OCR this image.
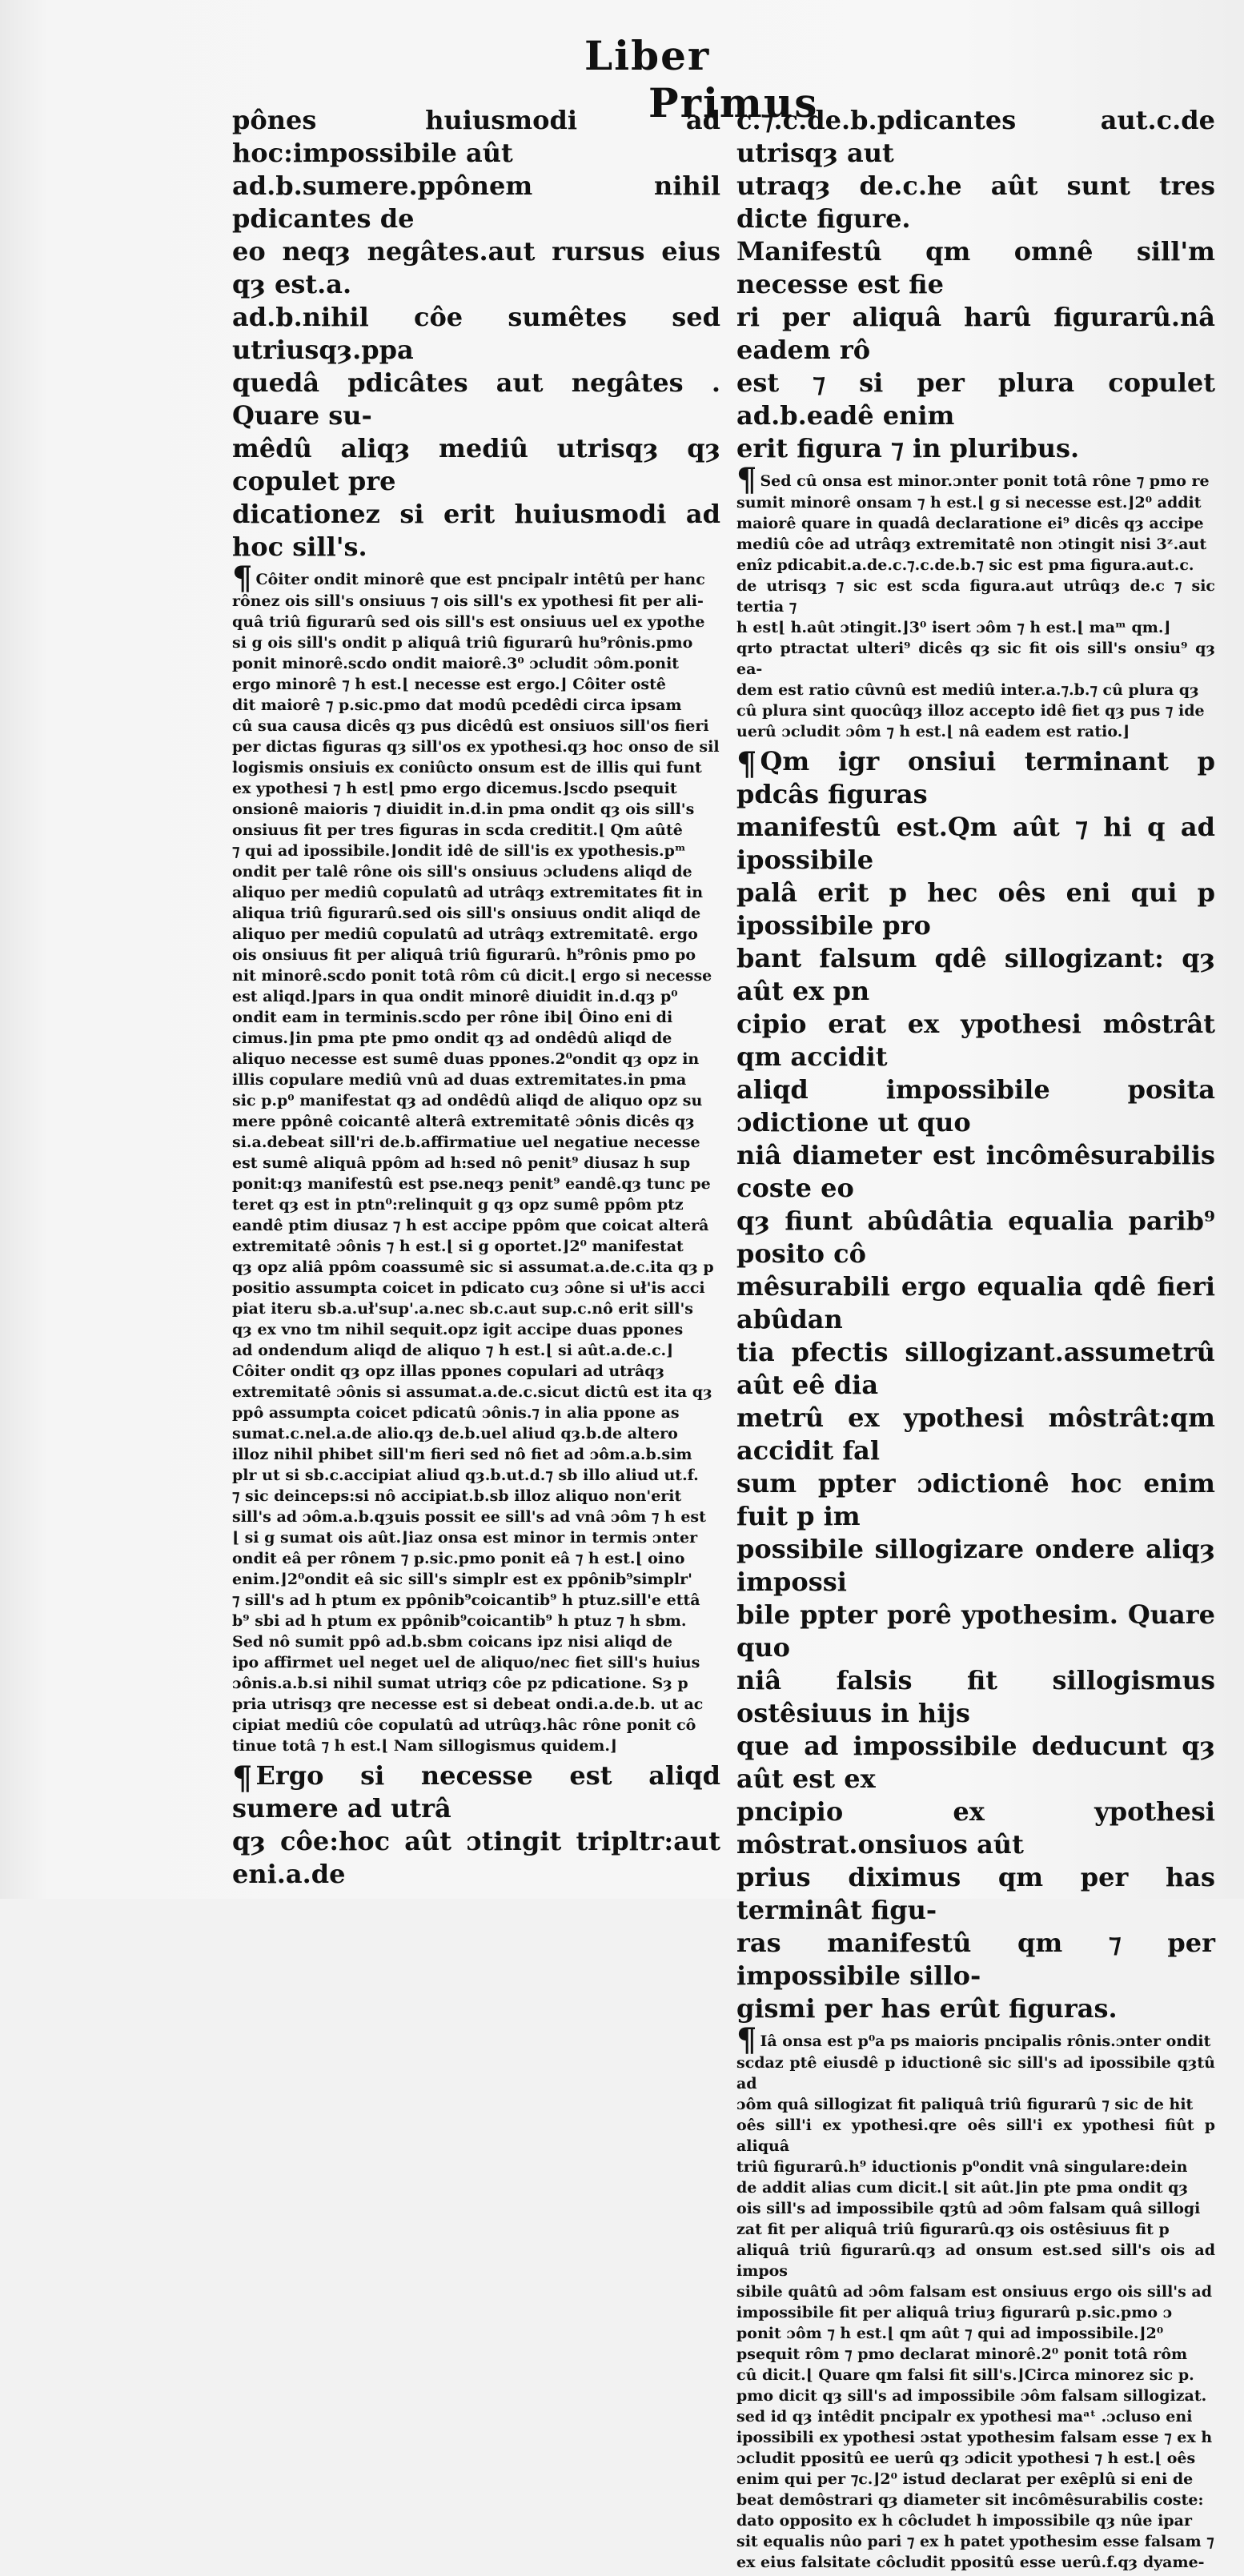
Liber Primus

pônes huiusmodi ad hoc:impossibile aût

ad.b.sumere.ppônem nihil pdicantes de

eo neqȝ negâtes.aut rursus eius qȝ est.a.

ad.b.nihil côe sumêtes sed utriusqȝ.ppa

quedâ pdicâtes aut negâtes . Quare su-

mêdû aliqȝ mediû utrisqȝ qȝ copulet pre

dicationez si erit huiusmodi ad hoc sill's.

¶ Côiter ondit minorê que est pncipalr intêtû per hanc

rônez ois sill's onsiuus ⁊ ois sill's ex ypothesi fit per ali-

quâ triû figurarû sed ois sill's est onsiuus uel ex ypothe

si g ois sill's ondit p aliquâ triû figurarû hu⁹rônis.pmo

ponit minorê.scdo ondit maiorê.3⁰ ɔcludit ɔôm.ponit

ergo minorê ⁊ h est.⌊ necesse est ergo.⌋ Côiter ostê

dit maiorê ⁊ p.sic.pmo dat modû pcedêdi circa ipsam

cû sua causa dicês qȝ pus dicêdû est onsiuos sill'os fieri

per dictas figuras qȝ sill'os ex ypothesi.qȝ hoc onso de sil

logismis onsiuis ex coniûcto onsum est de illis qui funt

ex ypothesi ⁊ h est⌊ pmo ergo dicemus.⌋scdo psequit

onsionê maioris ⁊ diuidit in.d.in pma ondit qȝ ois sill's

onsiuus fit per tres figuras in scda creditit.⌊ Qm aûtê

⁊ qui ad ipossibile.⌋ondit idê de sill'is ex ypothesis.pᵐ

ondit per talê rône ois sill's onsiuus ɔcludens aliqd de

aliquo per mediû copulatû ad utrâqȝ extremitates fit in

aliqua triû figurarû.sed ois sill's onsiuus ondit aliqd de

aliquo per mediû copulatû ad utrâqȝ extremitatê. ergo

ois onsiuus fit per aliquâ triû figurarû. h⁹rônis pmo po

nit minorê.scdo ponit totâ rôm cû dicit.⌊ ergo si necesse

est aliqd.⌋pars in qua ondit minorê diuidit in.d.qȝ p⁰

ondit eam in terminis.scdo per rône ibi⌊ Ôino eni di

cimus.⌋in pma pte pmo ondit qȝ ad ondêdû aliqd de

aliquo necesse est sumê duas ppones.2⁰ondit qȝ opz in

illis copulare mediû vnû ad duas extremitates.in pma

sic p.p⁰ manifestat qȝ ad ondêdû aliqd de aliquo opz su

mere ppônê coicantê alterâ extremitatê ɔônis dicês qȝ

si.a.debeat sill'ri de.b.affirmatiue uel negatiue necesse

est sumê aliquâ ppôm ad h:sed nô penit⁹ diusaz h sup

ponit:qȝ manifestû est pse.neqȝ penit⁹ eandê.qȝ tunc pe

teret qȝ est in ptn⁰:relinquit g qȝ opz sumê ppôm ptz

eandê ptim diusaz ⁊ h est accipe ppôm que coicat alterâ

extremitatê ɔônis ⁊ h est.⌊ si g oportet.⌋2⁰ manifestat

qȝ opz aliâ ppôm coassumê sic si assumat.a.de.c.ita qȝ p

positio assumpta coicet in pdicato cuȝ ɔône si uł'is acci

piat iteru sb.a.uł'sup'.a.nec sb.c.aut sup.c.nô erit sill's

qȝ ex vno tm nihil sequit.opz igit accipe duas ppones

ad ondendum aliqd de aliquo ⁊ h est.⌊ si aût.a.de.c.⌋

Côiter ondit qȝ opz illas ppones copulari ad utrâqȝ

extremitatê ɔônis si assumat.a.de.c.sicut dictû est ita qȝ

ppô assumpta coicet pdicatû ɔônis.⁊ in alia ppone as

sumat.c.nel.a.de alio.qȝ de.b.uel aliud qȝ.b.de altero

illoz nihil phibet sill'm fieri sed nô fiet ad ɔôm.a.b.sim

plr ut si sb.c.accipiat aliud qȝ.b.ut.d.⁊ sb illo aliud ut.f.

⁊ sic deinceps:si nô accipiat.b.sb illoz aliquo non'erit

sill's ad ɔôm.a.b.qȝuis possit ee sill's ad vnâ ɔôm ⁊ h est

⌊ si g sumat ois aût.⌋iaz onsa est minor in termis ɔnter

ondit eâ per rônem ⁊ p.sic.pmo ponit eâ ⁊ h est.⌊ oino

enim.⌋2⁰ondit eâ sic sill's simplr est ex ppônib⁹simplr'

⁊ sill's ad h ptum ex ppônib⁹coicantib⁹ h ptuz.sill'e ettâ

b⁹ sbi ad h ptum ex ppônib⁹coicantib⁹ h ptuz ⁊ h sbm.

Sed nô sumit ppô ad.b.sbm coicans ipz nisi aliqd de

ipo affirmet uel neget uel de aliquo/nec fiet sill's huius

ɔônis.a.b.si nihil sumat utriqȝ côe pz pdicatione. Sȝ p

pria utrisqȝ qre necesse est si debeat ondi.a.de.b. ut ac

cipiat mediû côe copulatû ad utrûqȝ.hâc rône ponit cô

tinue totâ ⁊ h est.⌊ Nam sillogismus quidem.⌋

¶ Ergo si necesse est aliqd sumere ad utrâ

qȝ côe:hoc aût ɔtingit tripltr:aut eni.a.de

c.⁊.c.de.b.pdicantes aut.c.de utrisqȝ aut

utraqȝ de.c.he aût sunt tres dicte figure.

Manifestû qm omnê sill'm necesse est fie

ri per aliquâ harû figurarû.nâ eadem rô

est ⁊ si per plura copulet ad.b.eadê enim

erit figura ⁊ in pluribus.

¶ Sed cû onsa est minor.ɔnter ponit totâ rône ⁊ pmo re

sumit minorê onsam ⁊ h est.⌊ g si necesse est.⌋2⁰ addit

maiorê quare in quadâ declaratione ei⁹ dicês qȝ accipe

mediû côe ad utrâqȝ extremitatê non ɔtingit nisi 3ᶻ.aut

enîz pdicabit.a.de.c.⁊.c.de.b.⁊ sic est pma figura.aut.c.

de utrisqȝ ⁊ sic est scda figura.aut utrûqȝ de.c ⁊ sic tertia ⁊

h est⌊ h.aût ɔtingit.⌋3⁰ isert ɔôm ⁊ h est.⌊ maᵐ qm.⌋

qrto ptractat ulteri⁹ dicês qȝ sic fit ois sill's onsiu⁹ qȝ ea-

dem est ratio cûvnû est mediû inter.a.⁊.b.⁊ cû plura qȝ

cû plura sint quocûqȝ illoz accepto idê fiet qȝ pus ⁊ ide

uerû ɔcludit ɔôm ⁊ h est.⌊ nâ eadem est ratio.⌋

¶ Qm igr onsiui terminant p pdcâs figuras

manifestû est.Qm aût ⁊ hi q ad ipossibile

palâ erit p hec oês eni qui p ipossibile pro

bant falsum qdê sillogizant: qȝ aût ex pn

cipio erat ex ypothesi môstrât qm accidit

aliqd impossibile posita ɔdictione ut quo

niâ diameter est incômêsurabilis coste eo

qȝ fiunt abûdâtia equalia parib⁹ posito cô

mêsurabili ergo equalia qdê fieri abûdan

tia pfectis sillogizant.assumetrû aût eê dia

metrû ex ypothesi môstrât:qm accidit fal

sum ppter ɔdictionê hoc enim fuit p im

possibile sillogizare ondere aliqȝ impossi

bile ppter porê ypothesim. Quare quo

niâ falsis fit sillogismus ostêsiuus in hijs

que ad impossibile deducunt qȝ aût est ex

pncipio ex ypothesi môstrat.onsiuos aût

prius diximus qm per has terminât figu-

ras manifestû qm ⁊ per impossibile sillo-

gismi per has erût figuras.

¶ Iâ onsa est p⁰a ps maioris pncipalis rônis.ɔnter ondit

scdaz ptê eiusdê p iductionê sic sill's ad ipossibile qȝtû ad

ɔôm quâ sillogizat fit paliquâ triû figurarû ⁊ sic de hit

oês sill'i ex ypothesi.qre oês sill'i ex ypothesi fiût p aliquâ

triû figurarû.h⁹ iductionis p⁰ondit vnâ singulare:dein

de addit alias cum dicit.⌊ sit aût.⌋in pte pma ondit qȝ

ois sill's ad impossibile qȝtû ad ɔôm falsam quâ sillogi

zat fit per aliquâ triû figurarû.qȝ ois ostêsiuus fit p

aliquâ triû figurarû.qȝ ad onsum est.sed sill's ois ad impos

sibile quâtû ad ɔôm falsam est onsiuus ergo ois sill's ad

impossibile fit per aliquâ triuȝ figurarû p.sic.pmo ɔ

ponit ɔôm ⁊ h est.⌊ qm aût ⁊ qui ad impossibile.⌋2⁰

psequit rôm ⁊ pmo declarat minorê.2⁰ ponit totâ rôm

cû dicit.⌊ Quare qm falsi fit sill's.⌋Circa minorez sic p.

pmo dicit qȝ sill's ad impossibile ɔôm falsam sillogizat.

sed id qȝ intêdit pncipalr ex ypothesi maᵃᵗ .ɔcluso eni

ipossibili ex ypothesi ɔstat ypothesim falsam esse ⁊ ex h

ɔcludit ppositû ee uerû qȝ ɔdicit ypothesi ⁊ h est.⌊ oês

enim qui per ⁊c.⌋2⁰ istud declarat per exêplû si eni de

beat demôstrari qȝ diameter sit incômêsurabilis coste:

dato opposito ex h côcludet h impossibile qȝ nûe ipar

sit equalis nûo pari ⁊ ex h patet ypothesim esse falsam ⁊

ex eius falsitate côcludit ppositû esse uerû.f.qȝ dyame-
